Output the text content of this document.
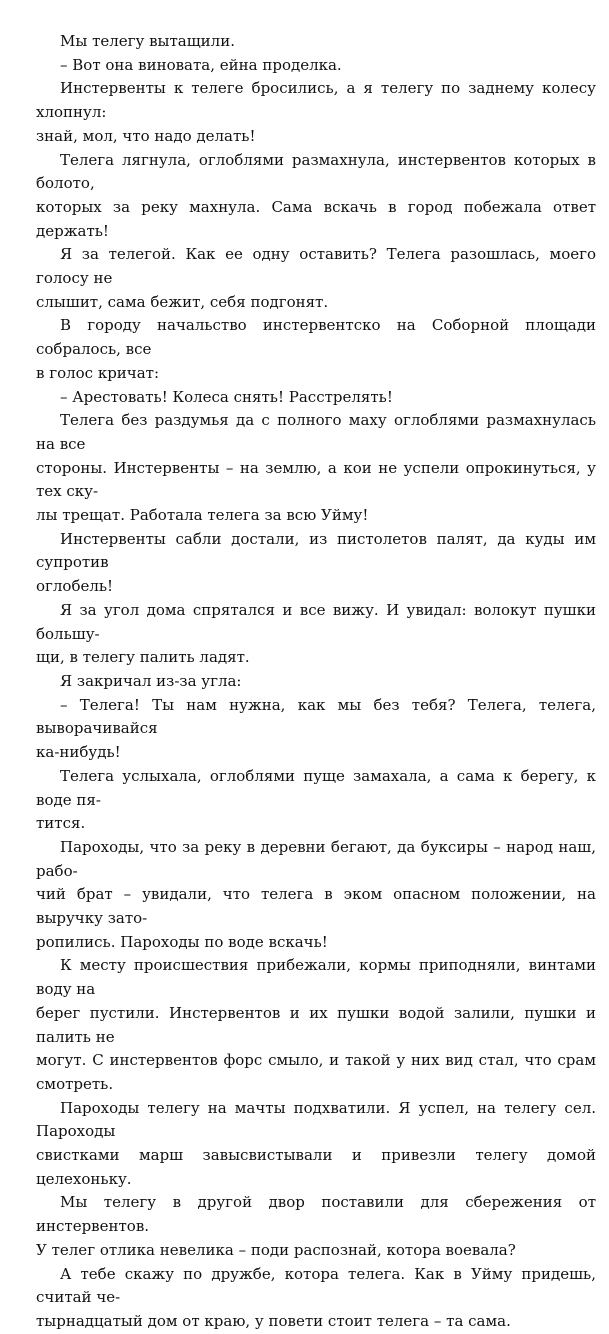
Мы телегу вытащили.

– Вот она виновата, ейна проделка.

Инстервенты к телеге бросились, а я телегу по заднему колесу хлопнул:
знай, мол, что надо делать!

Телега лягнула, оглоблями размахнула, инстервентов которых в болото,
которых за реку махнула. Сама вскачь в город побежала ответ держать!

Я за телегой. Как ее одну оставить? Телега разошлась, моего голосу не
слышит, сама бежит, себя подгонят.

В городу начальство инстервентско на Соборной площади собралось, все
в голос кричат:

– Арестовать! Колеса снять! Расстрелять!

Телега без раздумья да с полного маху оглоблями размахнулась на все
стороны. Инстервенты – на землю, а кои не успели опрокинуться, у тех ску-
лы трещат. Работала телега за всю Уйму!

Инстервенты сабли достали, из пистолетов палят, да куды им супротив
оглобель!

Я за угол дома спрятался и все вижу. И увидал: волокут пушки большу-
щи, в телегу палить ладят.

Я закричал из-за угла:

– Телега! Ты нам нужна, как мы без тебя? Телега, телега, выворачивайся
ка-нибудь!

Телега услыхала, оглоблями пуще замахала, а сама к берегу, к воде пя-
тится.

Пароходы, что за реку в деревни бегают, да буксиры – народ наш, рабо-
чий брат – увидали, что телега в эком опасном положении, на выручку зато-
ропились. Пароходы по воде вскачь!

К месту происшествия прибежали, кормы приподняли, винтами воду на
берег пустили. Инстервентов и их пушки водой залили, пушки и палить не
могут. С инстервентов форс смыло, и такой у них вид стал, что срам смотреть.

Пароходы телегу на мачты подхватили. Я успел, на телегу сел. Пароходы
свистками марш завысвистывали и привезли телегу домой целехоньку.

Мы телегу в другой двор поставили для сбережения от инстервентов.
У телег отлика невелика – поди распознай, котора воевала?

А тебе скажу по дружбе, котора телега. Как в Уйму придешь, считай че-
тырнадцатый дом от краю, у повети стоит телега – та сама.
